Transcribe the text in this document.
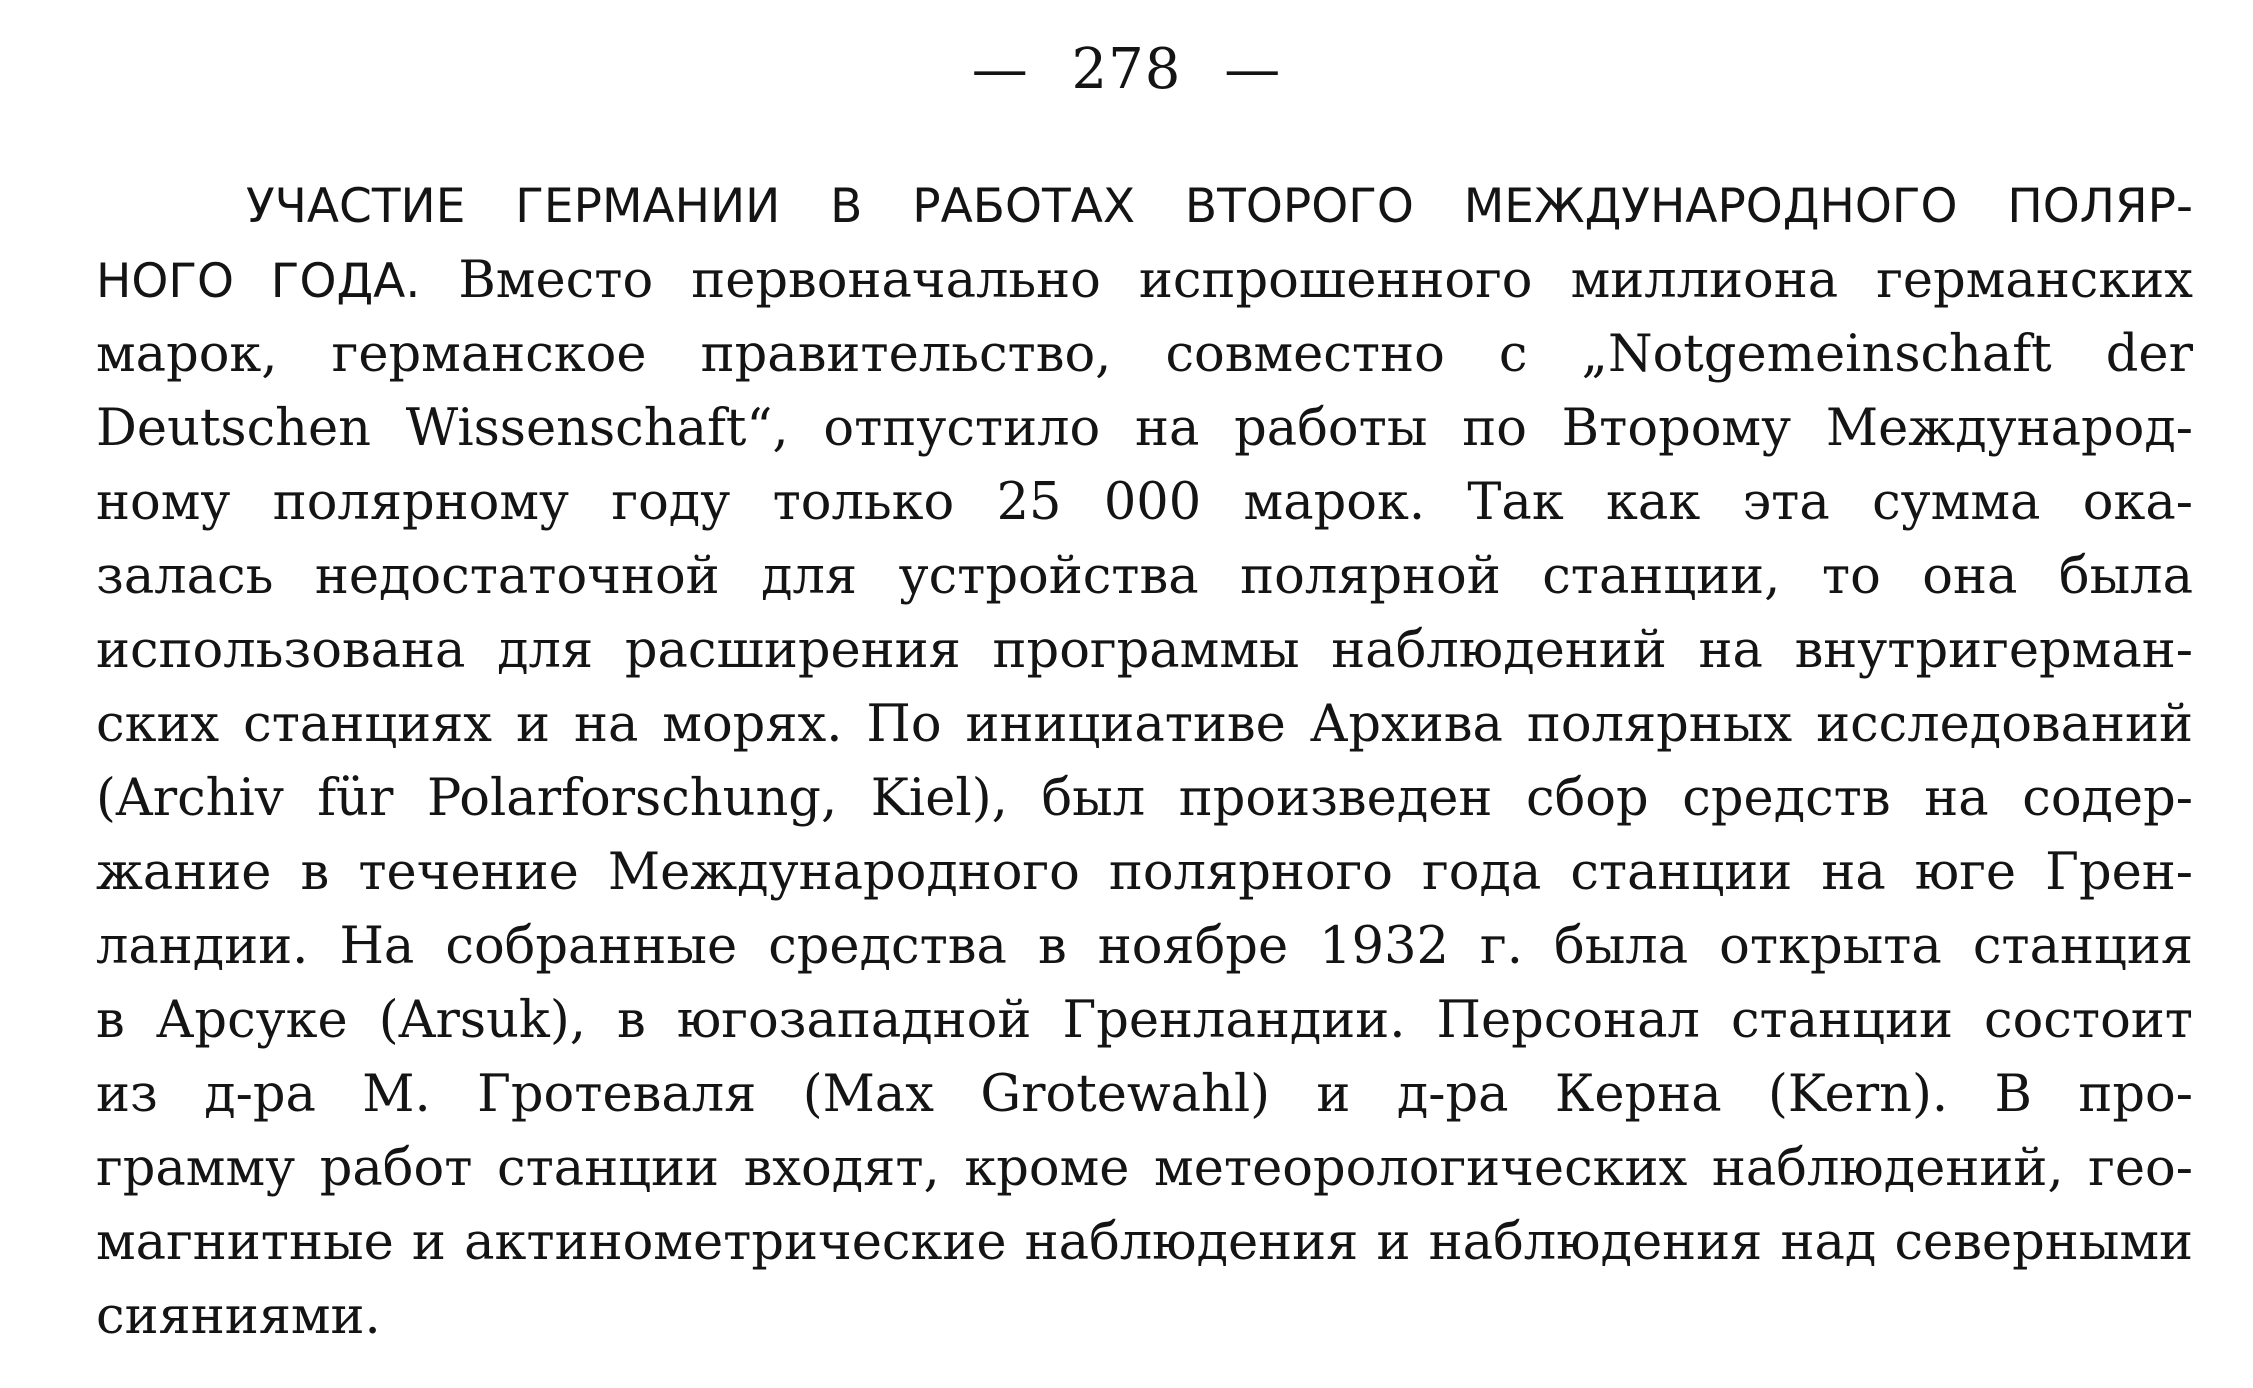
— 278 —
УЧАСТИЕ ГЕРМАНИИ В РАБОТАХ ВТОРОГО МЕЖДУНАРОДНОГО ПОЛЯР-
НОГО ГОДА. Вместо первоначально испрошенного миллиона германских
марок, германское правительство, совместно с „Notgemeinschaft der
Deutschen Wissenschaft“, отпустило на работы по Второму Международ-
ному полярному году только 25 000 марок. Так как эта сумма ока-
залась недостаточной для устройства полярной станции, то она была
использована для расширения программы наблюдений на внутригерман-
ских станциях и на морях. По инициативе Архива полярных исследований
(Archiv für Polarforschung, Kiel), был произведен сбор средств на содер-
жание в течение Международного полярного года станции на юге Грен-
ландии. На собранные средства в ноябре 1932 г. была открыта станция
в Арсуке (Arsuk), в югозападной Гренландии. Персонал станции состоит
из д-ра М. Гротеваля (Max Grotewahl) и д-ра Керна (Kern). В про-
грамму работ станции входят, кроме метеорологических наблюдений, гео-
магнитные и актинометрические наблюдения и наблюдения над северными
сияниями.
